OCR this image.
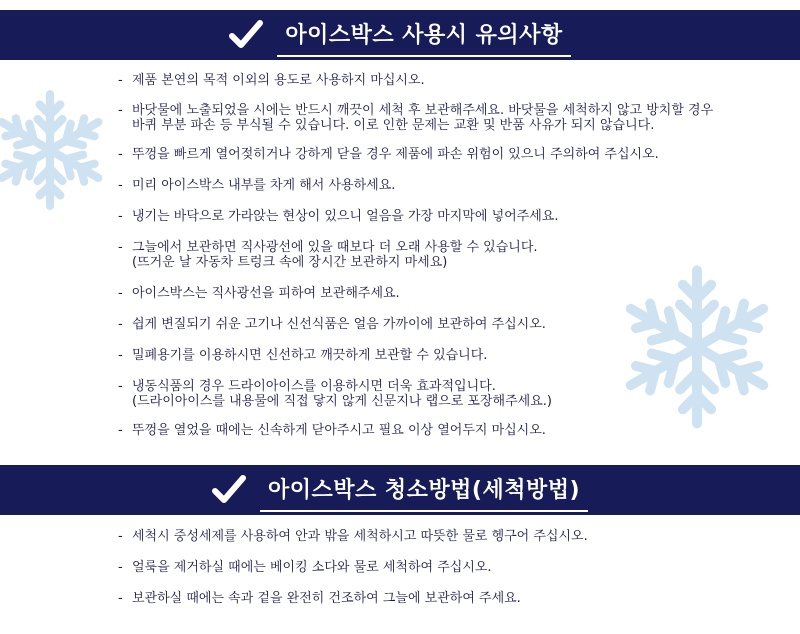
아이스박스 사용시 유의사항
- 제품 본연의 목적 이외의 용도로 사용하지 마십시오.
- 바닷물에 노출되었을 시에는 반드시 깨끗이 세척 후 보관해주세요. 바닷물을 세척하지 않고 방치할 경우
바퀴 부분 파손 등 부식될 수 있습니다. 이로 인한 문제는 교환 및 반품 사유가 되지 않습니다.
- 뚜껑을 빠르게 열어젖히거나 강하게 닫을 경우 제품에 파손 위험이 있으니 주의하여 주십시오.
- 미리 아이스박스 내부를 차게 해서 사용하세요.
- 냉기는 바닥으로 가라앉는 현상이 있으니 얼음을 가장 마지막에 넣어주세요.
- 그늘에서 보관하면 직사광선에 있을 때보다 더 오래 사용할 수 있습니다.
(뜨거운 날 자동차 트렁크 속에 장시간 보관하지 마세요)
- 아이스박스는 직사광선을 피하여 보관해주세요.
- 쉽게 변질되기 쉬운 고기나 신선식품은 얼음 가까이에 보관하여 주십시오.
- 밀폐용기를 이용하시면 신선하고 깨끗하게 보관할 수 있습니다.
- 냉동식품의 경우 드라이아이스를 이용하시면 더욱 효과적입니다.
(드라이아이스를 내용물에 직접 닿지 않게 신문지나 랩으로 포장해주세요.)
- 뚜껑을 열었을 때에는 신속하게 닫아주시고 필요 이상 열어두지 마십시오.
아이스박스 청소방법(세척방법)
- 세척시 중성세제를 사용하여 안과 밖을 세척하시고 따뜻한 물로 헹구어 주십시오.
- 얼룩을 제거하실 때에는 베이킹 소다와 물로 세척하여 주십시오.
- 보관하실 때에는 속과 겉을 완전히 건조하여 그늘에 보관하여 주세요.
